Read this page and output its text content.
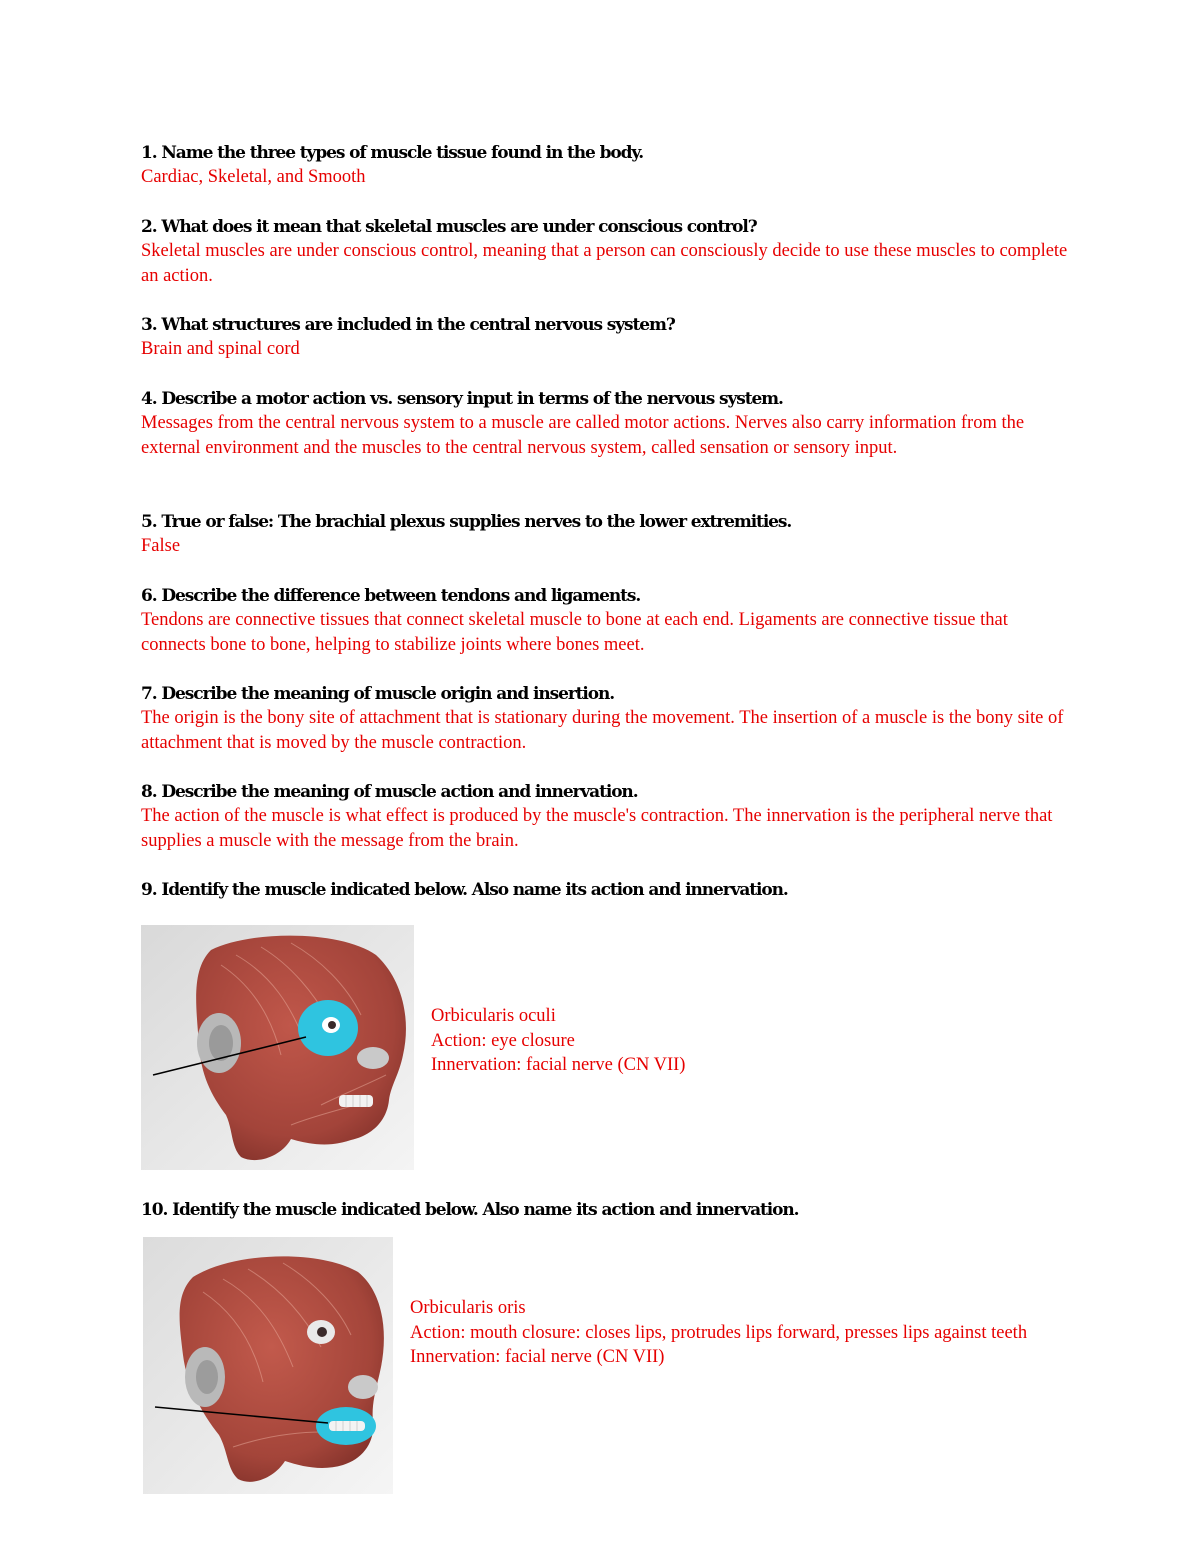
1. Name the three types of muscle tissue found in the body.
Cardiac, Skeletal, and Smooth
2. What does it mean that skeletal muscles are under conscious control?
Skeletal muscles are under conscious control, meaning that a person can consciously decide to use these muscles to complete an action.
3. What structures are included in the central nervous system?
Brain and spinal cord
4. Describe a motor action vs. sensory input in terms of the nervous system.
Messages from the central nervous system to a muscle are called motor actions. Nerves also carry information from the external environment and the muscles to the central nervous system, called sensation or sensory input.
5. True or false: The brachial plexus supplies nerves to the lower extremities.
False
6. Describe the difference between tendons and ligaments.
Tendons are connective tissues that connect skeletal muscle to bone at each end. Ligaments are connective tissue that connects bone to bone, helping to stabilize joints where bones meet.
7. Describe the meaning of muscle origin and insertion.
The origin is the bony site of attachment that is stationary during the movement. The insertion of a muscle is the bony site of attachment that is moved by the muscle contraction.
8. Describe the meaning of muscle action and innervation.
The action of the muscle is what effect is produced by the muscle's contraction. The innervation is the peripheral nerve that supplies a muscle with the message from the brain.
9. Identify the muscle indicated below. Also name its action and innervation.
Orbicularis oculi
Action: eye closure
Innervation: facial nerve (CN VII)
10. Identify the muscle indicated below. Also name its action and innervation.
Orbicularis oris
Action: mouth closure: closes lips, protrudes lips forward, presses lips against teeth
Innervation: facial nerve (CN VII)
